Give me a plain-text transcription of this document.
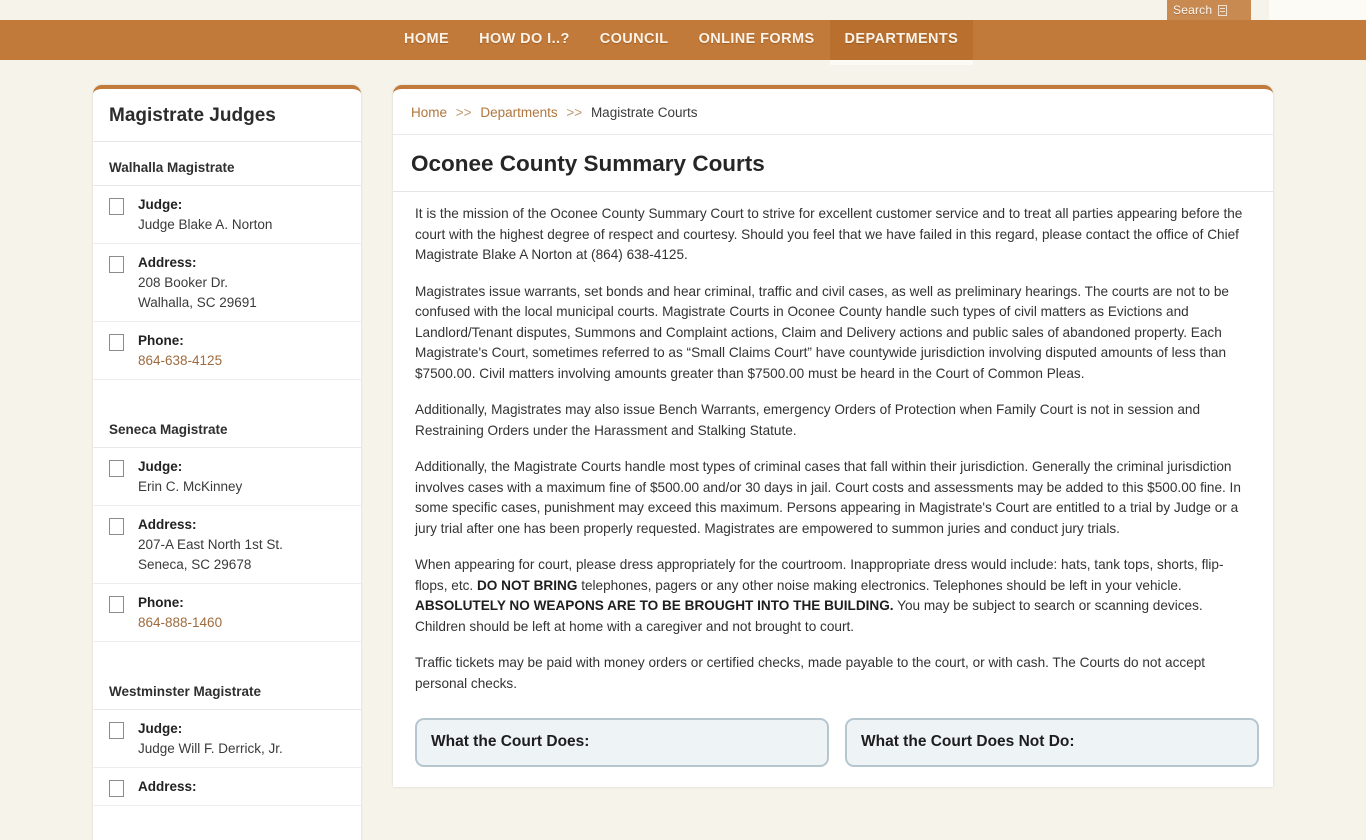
Search
HOME	HOW DO I..?	COUNCIL	ONLINE FORMS	DEPARTMENTS
Magistrate Judges
Walhalla Magistrate
Judge:
Judge Blake A. Norton
Address:
208 Booker Dr.
Walhalla, SC 29691
Phone:
864-638-4125
Seneca Magistrate
Judge:
Erin C. McKinney
Address:
207-A East North 1st St.
Seneca, SC 29678
Phone:
864-888-1460
Westminster Magistrate
Judge:
Judge Will F. Derrick, Jr.
Address:
Home >> Departments >> Magistrate Courts
Oconee County Summary Courts

It is the mission of the Oconee County Summary Court to strive for excellent customer service and to treat all parties appearing before the court with the highest degree of respect and courtesy. Should you feel that we have failed in this regard, please contact the office of Chief Magistrate Blake A Norton at (864) 638-4125.

Magistrates issue warrants, set bonds and hear criminal, traffic and civil cases, as well as preliminary hearings. The courts are not to be confused with the local municipal courts. Magistrate Courts in Oconee County handle such types of civil matters as Evictions and Landlord/Tenant disputes, Summons and Complaint actions, Claim and Delivery actions and public sales of abandoned property. Each Magistrate's Court, sometimes referred to as “Small Claims Court” have countywide jurisdiction involving disputed amounts of less than $7500.00. Civil matters involving amounts greater than $7500.00 must be heard in the Court of Common Pleas.

Additionally, Magistrates may also issue Bench Warrants, emergency Orders of Protection when Family Court is not in session and Restraining Orders under the Harassment and Stalking Statute.

Additionally, the Magistrate Courts handle most types of criminal cases that fall within their jurisdiction. Generally the criminal jurisdiction involves cases with a maximum fine of $500.00 and/or 30 days in jail. Court costs and assessments may be added to this $500.00 fine. In some specific cases, punishment may exceed this maximum. Persons appearing in Magistrate's Court are entitled to a trial by Judge or a jury trial after one has been properly requested. Magistrates are empowered to summon juries and conduct jury trials.

When appearing for court, please dress appropriately for the courtroom. Inappropriate dress would include: hats, tank tops, shorts, flip-flops, etc. DO NOT BRING telephones, pagers or any other noise making electronics. Telephones should be left in your vehicle. ABSOLUTELY NO WEAPONS ARE TO BE BROUGHT INTO THE BUILDING. You may be subject to search or scanning devices. Children should be left at home with a caregiver and not brought to court.

Traffic tickets may be paid with money orders or certified checks, made payable to the court, or with cash. The Courts do not accept personal checks.

What the Court Does:	What the Court Does Not Do:
